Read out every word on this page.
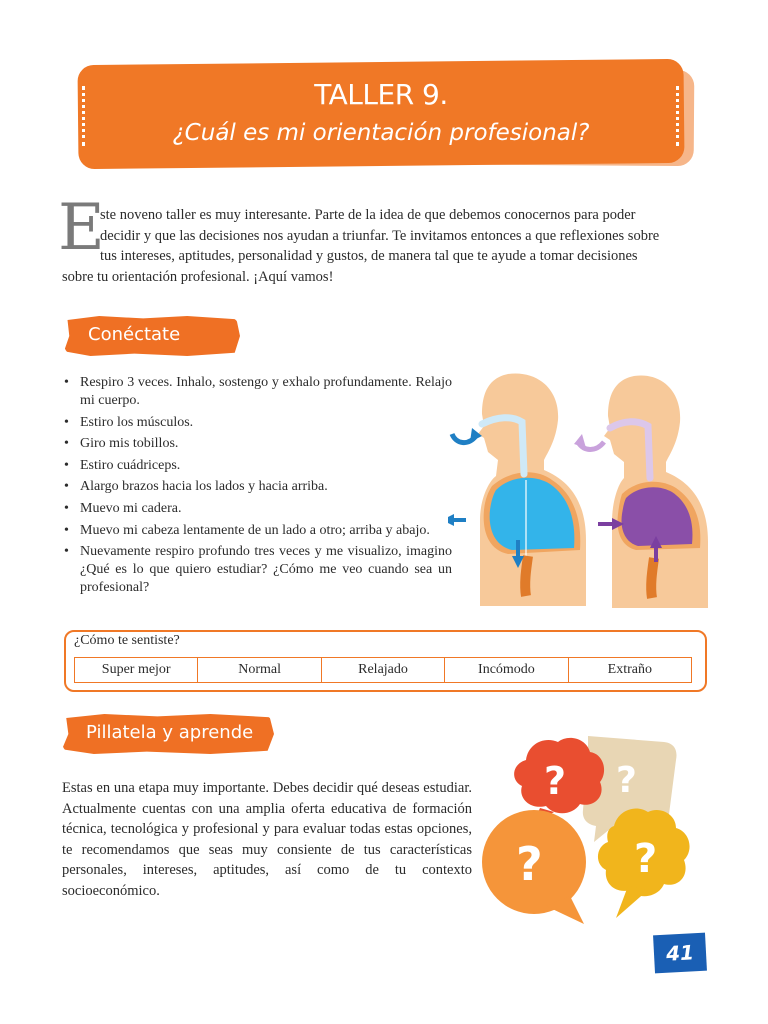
TALLER 9.
¿Cuál es mi orientación profesional?
E
ste noveno taller es muy interesante. Parte de la idea de que debemos conocernos para poder
decidir y que las decisiones nos ayudan a triunfar. Te invitamos entonces a que reflexiones sobre
tus intereses, aptitudes, personalidad y gustos, de manera tal que te ayude a tomar decisiones
sobre tu orientación profesional. ¡Aquí vamos!
Conéctate
• Respiro 3 veces. Inhalo, sostengo y exhalo profundamente. Relajo mi cuerpo.
• Estiro los músculos.
• Giro mis tobillos.
• Estiro cuádriceps.
• Alargo brazos hacia los lados y hacia arriba.
• Muevo mi cadera.
• Muevo mi cabeza lentamente de un lado a otro; arriba y abajo.
• Nuevamente respiro profundo tres veces y me visualizo, imagino ¿Qué es lo que quiero estudiar? ¿Cómo me veo cuando sea un profesional?
¿Cómo te sentiste?
Super mejor	Normal	Relajado	Incómodo	Extraño
Pillatela y aprende
Estas en una etapa muy importante. Debes decidir qué deseas estudiar. Actualmente cuentas con una amplia oferta educativa de formación técnica, tecnológica y profesional y para evaluar todas estas opciones, te recomendamos que seas muy consiente de tus características personales, intereses, aptitudes, así como de tu contexto socioeconómico.
? ?
? ?
41
